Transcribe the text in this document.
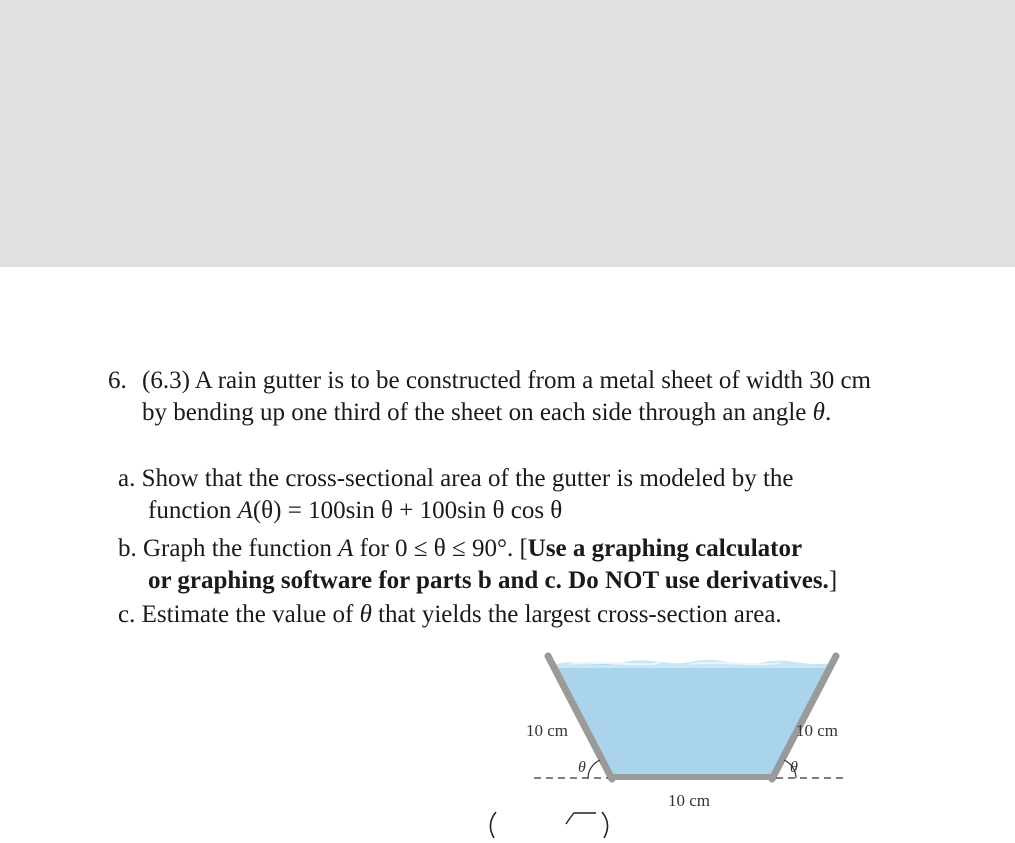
6. (6.3) A rain gutter is to be constructed from a metal sheet of width 30 cm
by bending up one third of the sheet on each side through an angle θ.
a. Show that the cross-sectional area of the gutter is modeled by the
function A(θ) = 100sin θ + 100sin θ cos θ
b. Graph the function A for 0 ≤ θ ≤ 90°. [Use a graphing calculator
or graphing software for parts b and c. Do NOT use derivatives.]
c. Estimate the value of θ that yields the largest cross-section area.
10 cm	10 cm
10 cm
θ	θ
